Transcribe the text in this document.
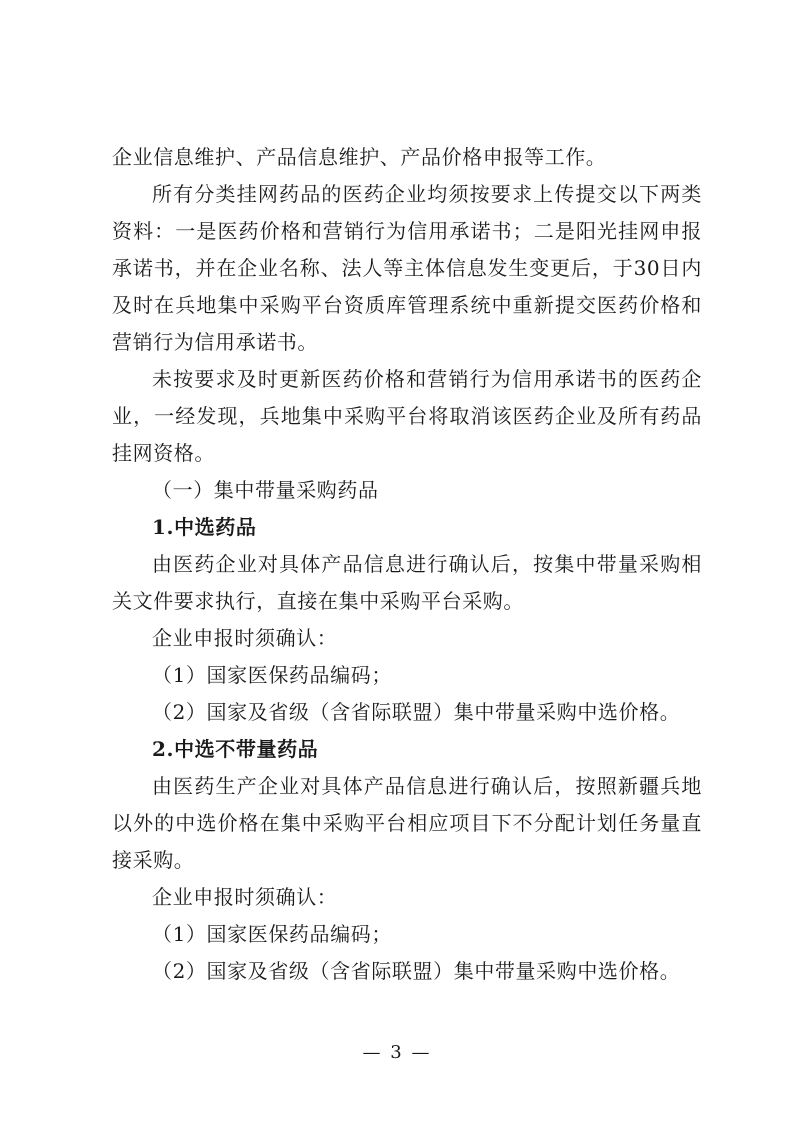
企业信息维护、产品信息维护、产品价格申报等工作。

所有分类挂网药品的医药企业均须按要求上传提交以下两类资料：一是医药价格和营销行为信用承诺书；二是阳光挂网申报承诺书，并在企业名称、法人等主体信息发生变更后，于30日内及时在兵地集中采购平台资质库管理系统中重新提交医药价格和营销行为信用承诺书。

未按要求及时更新医药价格和营销行为信用承诺书的医药企业，一经发现，兵地集中采购平台将取消该医药企业及所有药品挂网资格。

（一）集中带量采购药品

1.中选药品

由医药企业对具体产品信息进行确认后，按集中带量采购相关文件要求执行，直接在集中采购平台采购。

企业申报时须确认：

（1）国家医保药品编码；

（2）国家及省级（含省际联盟）集中带量采购中选价格。

2.中选不带量药品

由医药生产企业对具体产品信息进行确认后，按照新疆兵地以外的中选价格在集中采购平台相应项目下不分配计划任务量直接采购。

企业申报时须确认：

（1）国家医保药品编码；

（2）国家及省级（含省际联盟）集中带量采购中选价格。

— 3 —
